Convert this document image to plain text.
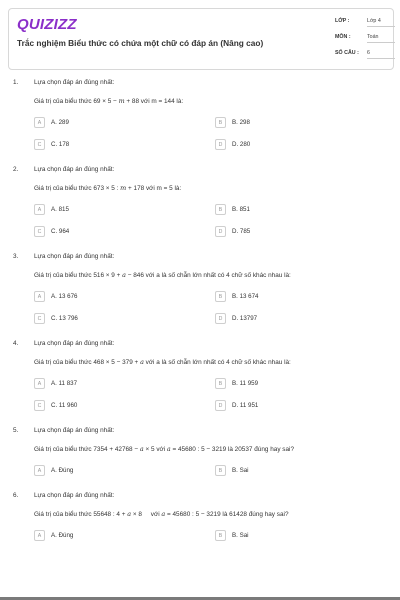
QUIZIZZ
Trắc nghiệm Biểu thức có chứa một chữ có đáp án (Nâng cao)
LỚP :	Lớp 4
MÔN :	Toán
SỐ CÂU : 6
1. Lựa chọn đáp án đúng nhất:
Giá trị của biểu thức 69 × 5 − m + 88 với m = 144 là:
A	A. 289	B	B. 298
C	C. 178	D	D. 280
2. Lựa chọn đáp án đúng nhất:
Giá trị của biểu thức 673 × 5 : m + 178 với m = 5 là:
A	A. 815	B	B. 851
C	C. 964	D	D. 785
3. Lựa chọn đáp án đúng nhất:
Giá trị của biểu thức 516 × 9 + a − 846 với a là số chẵn lớn nhất có 4 chữ số khác nhau là:
A	A. 13 676	B	B. 13 674
C	C. 13 796	D	D. 13797
4. Lựa chọn đáp án đúng nhất:
Giá trị của biểu thức 468 × 5 − 379 + a với a là số chẵn lớn nhất có 4 chữ số khác nhau là:
A	A. 11 837	B	B. 11 959
C	C. 11 960	D	D. 11 951
5. Lựa chọn đáp án đúng nhất:
Giá trị của biểu thức 7354 + 42768 − a × 5 với a = 45680 : 5 − 3219 là 20537 đúng hay sai?
A	A. Đúng	B	B. Sai
6. Lựa chọn đáp án đúng nhất:
Giá trị của biểu thức 55648 : 4 + a × 8     với a = 45680 : 5 − 3219 là 61428 đúng hay sai?
A	A. Đúng	B	B. Sai
